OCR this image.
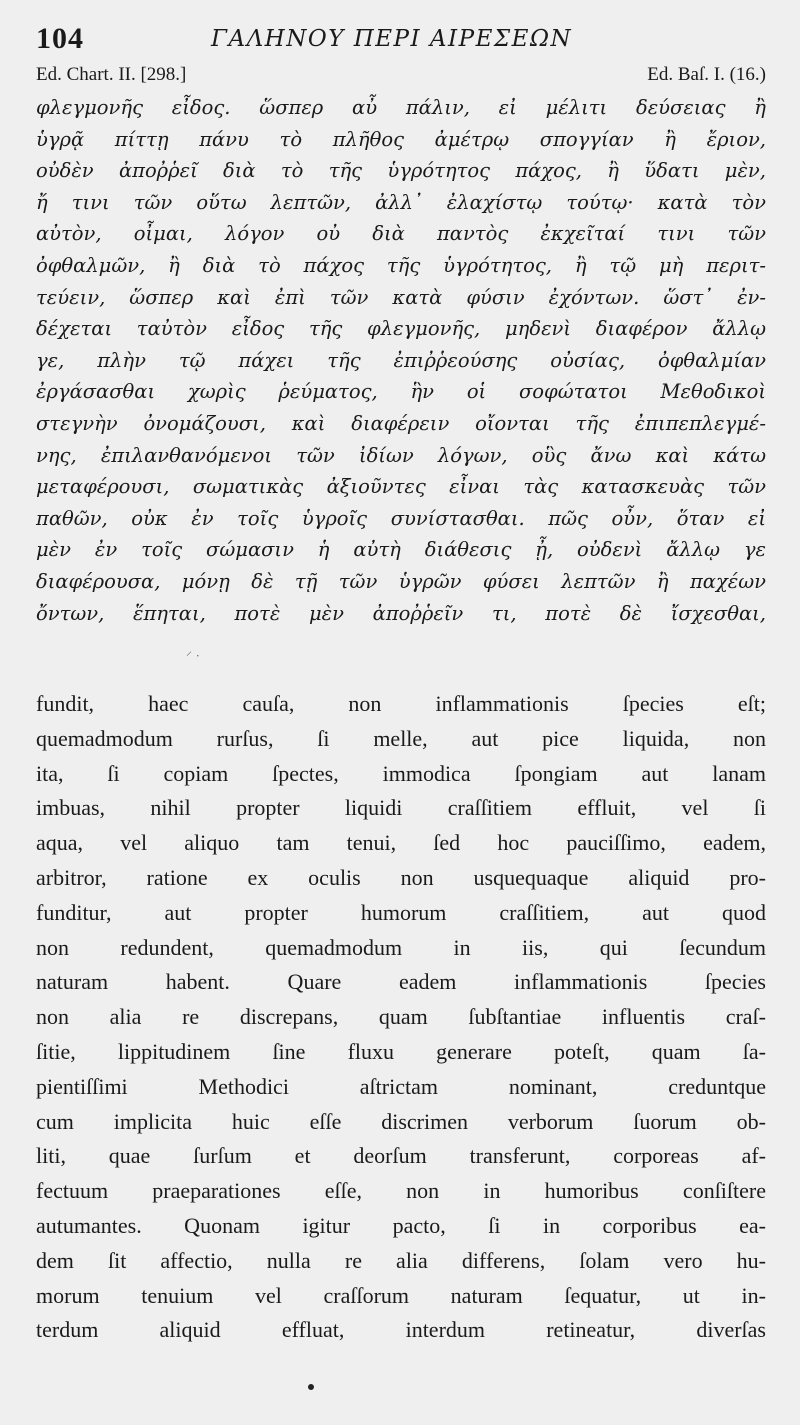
104	ΓΑΛΗΝΟΥ ΠΕΡΙ ΑΙΡΕΣΕΩΝ
Ed. Chart. II. [298.]	Ed. Baſ. I. (16.)
φλεγμονῆς εἶδος. ὥσπερ αὖ πάλιν, εἰ μέλιτι δεύσειας ἢ
ὑγρᾷ πίττῃ πάνυ τὸ πλῆθος ἀμέτρῳ σπογγίαν ἢ ἔριον,
οὐδὲν ἀποῤῥεῖ διὰ τὸ τῆς ὑγρότητος πάχος, ἢ ὕδατι μὲν,
ἤ τινι τῶν οὕτω λεπτῶν, ἀλλ᾽ ἐλαχίστῳ τούτῳ· κατὰ τὸν
αὐτὸν, οἶμαι, λόγον οὐ διὰ παντὸς ἐκχεῖταί τινι τῶν
ὀφθαλμῶν, ἢ διὰ τὸ πάχος τῆς ὑγρότητος, ἢ τῷ μὴ περιτ-
τεύειν, ὥσπερ καὶ ἐπὶ τῶν κατὰ φύσιν ἐχόντων. ὥστ᾽ ἐν-
δέχεται ταὐτὸν εἶδος τῆς φλεγμονῆς, μηδενὶ διαφέρον ἄλλῳ
γε, πλὴν τῷ πάχει τῆς ἐπιῤῥεούσης οὐσίας, ὀφθαλμίαν
ἐργάσασθαι χωρὶς ῥεύματος, ἣν οἱ σοφώτατοι Μεθοδικοὶ
στεγνὴν ὀνομάζουσι, καὶ διαφέρειν οἴονται τῆς ἐπιπεπλεγμέ-
νης, ἐπιλανθανόμενοι τῶν ἰδίων λόγων, οὓς ἄνω καὶ κάτω
μεταφέρουσι, σωματικὰς ἀξιοῦντες εἶναι τὰς κατασκευὰς τῶν
παθῶν, οὐκ ἐν τοῖς ὑγροῖς συνίστασθαι. πῶς οὖν, ὅταν εἰ
μὲν ἐν τοῖς σώμασιν ἡ αὐτὴ διάθεσις ᾖ, οὐδενὶ ἄλλῳ γε
διαφέρουσα, μόνῃ δὲ τῇ τῶν ὑγρῶν φύσει λεπτῶν ἢ παχέων
ὄντων, ἕπηται, ποτὲ μὲν ἀποῤῥεῖν τι, ποτὲ δὲ ἴσχεσθαι,
⸍ ·
fundit, haec cauſa, non inflammationis ſpecies eſt;
quemadmodum rurſus, ſi melle, aut pice liquida, non
ita, ſi copiam ſpectes, immodica ſpongiam aut lanam
imbuas, nihil propter liquidi craſſitiem effluit, vel ſi
aqua, vel aliquo tam tenui, ſed hoc pauciſſimo, eadem,
arbitror, ratione ex oculis non usquequaque aliquid pro-
funditur, aut propter humorum craſſitiem, aut quod
non redundent, quemadmodum in iis, qui ſecundum
naturam habent. Quare eadem inflammationis ſpecies
non alia re discrepans, quam ſubſtantiae influentis craſ-
ſitie, lippitudinem ſine fluxu generare poteſt, quam ſa-
pientiſſimi Methodici aſtrictam nominant, creduntque
cum implicita huic eſſe discrimen verborum ſuorum ob-
liti, quae ſurſum et deorſum transferunt, corporeas af-
fectuum praeparationes eſſe, non in humoribus conſiſtere
autumantes. Quonam igitur pacto, ſi in corporibus ea-
dem ſit affectio, nulla re alia differens, ſolam vero hu-
morum tenuium vel craſſorum naturam ſequatur, ut in-
terdum aliquid effluat, interdum retineatur, diverſas
